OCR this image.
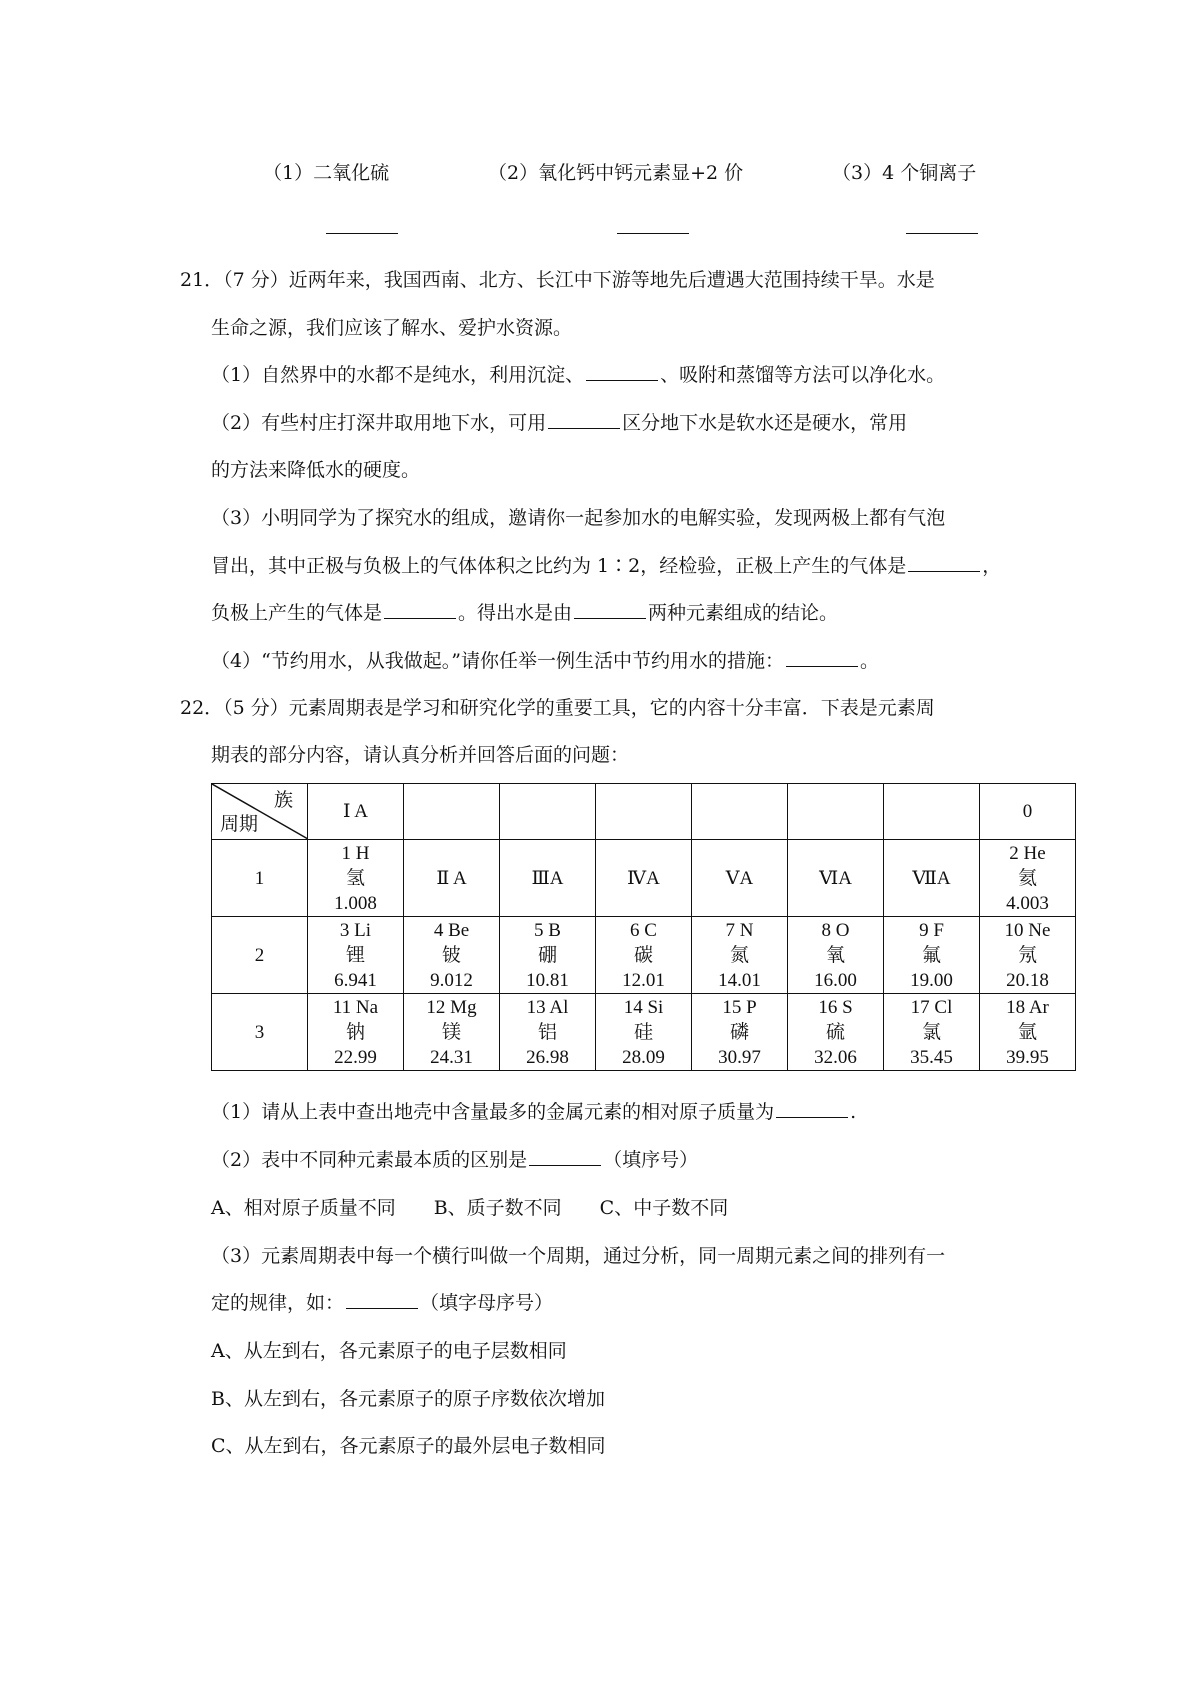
（1）二氧化硫	（2）氧化钙中钙元素显+2 价	（3）4 个铜离子
21．（7 分）近两年来，我国西南、北方、长江中下游等地先后遭遇大范围持续干旱。水是
生命之源，我们应该了解水、爱护水资源。
（1）自然界中的水都不是纯水，利用沉淀、	、吸附和蒸馏等方法可以净化水。
（2）有些村庄打深井取用地下水，可用	区分地下水是软水还是硬水，常用
的方法来降低水的硬度。
（3）小明同学为了探究水的组成，邀请你一起参加水的电解实验，发现两极上都有气泡
冒出，其中正极与负极上的气体体积之比约为 1∶2，经检验，正极上产生的气体是	，
负极上产生的气体是	。得出水是由	两种元素组成的结论。
（4）“节约用水，从我做起。”请你任举一例生活中节约用水的措施：	。
22．（5 分）元素周期表是学习和研究化学的重要工具，它的内容十分丰富．下表是元素周
期表的部分内容，请认真分析并回答后面的问题：
族
周期	Ⅰ A							0
1	1 H
氢
1.008	Ⅱ A	ⅢA	ⅣA	ⅤA	ⅥA	ⅦA	2 He
氦
4.003

2	3 Li
锂
6.941	4 Be
铍
9.012	5 B
硼
10.81	6 C
碳
12.01	7 N
氮
14.01	8 O
氧
16.00	9 F
氟
19.00	10 Ne
氖
20.18

3	11 Na
钠
22.99	12 Mg
镁
24.31	13 Al
铝
26.98	14 Si
硅
28.09	15 P
磷
30.97	16 S
硫
32.06	17 Cl
氯
35.45	18 Ar
氩
39.95
（1）请从上表中查出地壳中含量最多的金属元素的相对原子质量为	.
（2）表中不同种元素最本质的区别是	（填序号）
A、相对原子质量不同　　B、质子数不同　　C、中子数不同
（3）元素周期表中每一个横行叫做一个周期，通过分析，同一周期元素之间的排列有一
定的规律，如：	（填字母序号）
A、从左到右，各元素原子的电子层数相同
B、从左到右，各元素原子的原子序数依次增加
C、从左到右，各元素原子的最外层电子数相同
